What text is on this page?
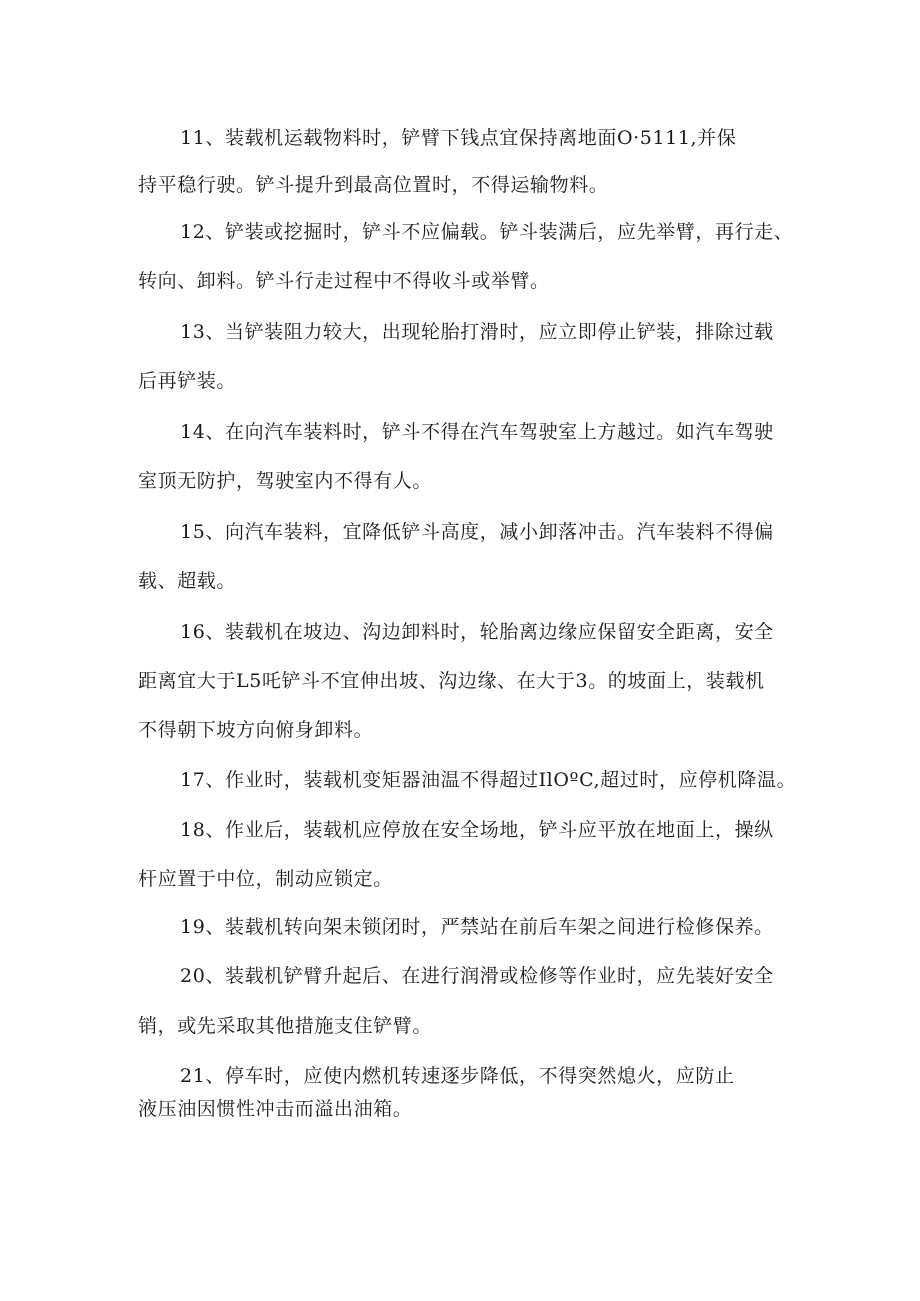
11、装载机运载物料时，铲臂下钱点宜保持离地面O·5111,并保
持平稳行驶。铲斗提升到最高位置时，不得运输物料。
12、铲装或挖掘时，铲斗不应偏载。铲斗装满后，应先举臂，再行走、
转向、卸料。铲斗行走过程中不得收斗或举臂。
13、当铲装阻力较大，出现轮胎打滑时，应立即停止铲装，排除过载
后再铲装。
14、在向汽车装料时，铲斗不得在汽车驾驶室上方越过。如汽车驾驶
室顶无防护，驾驶室内不得有人。
15、向汽车装料，宜降低铲斗高度，减小卸落冲击。汽车装料不得偏
载、超载。
16、装载机在坡边、沟边卸料时，轮胎离边缘应保留安全距离，安全
距离宜大于L5吒铲斗不宜伸出坡、沟边缘、在大于3。的坡面上，装载机
不得朝下坡方向俯身卸料。
17、作业时，装载机变矩器油温不得超过IlOºC,超过时，应停机降温。
18、作业后，装载机应停放在安全场地，铲斗应平放在地面上，操纵
杆应置于中位，制动应锁定。
19、装载机转向架未锁闭时，严禁站在前后车架之间进行检修保养。
20、装载机铲臂升起后、在进行润滑或检修等作业时，应先装好安全
销，或先采取其他措施支住铲臂。
21、停车时，应使内燃机转速逐步降低，不得突然熄火，应防止
液压油因惯性冲击而溢出油箱。
